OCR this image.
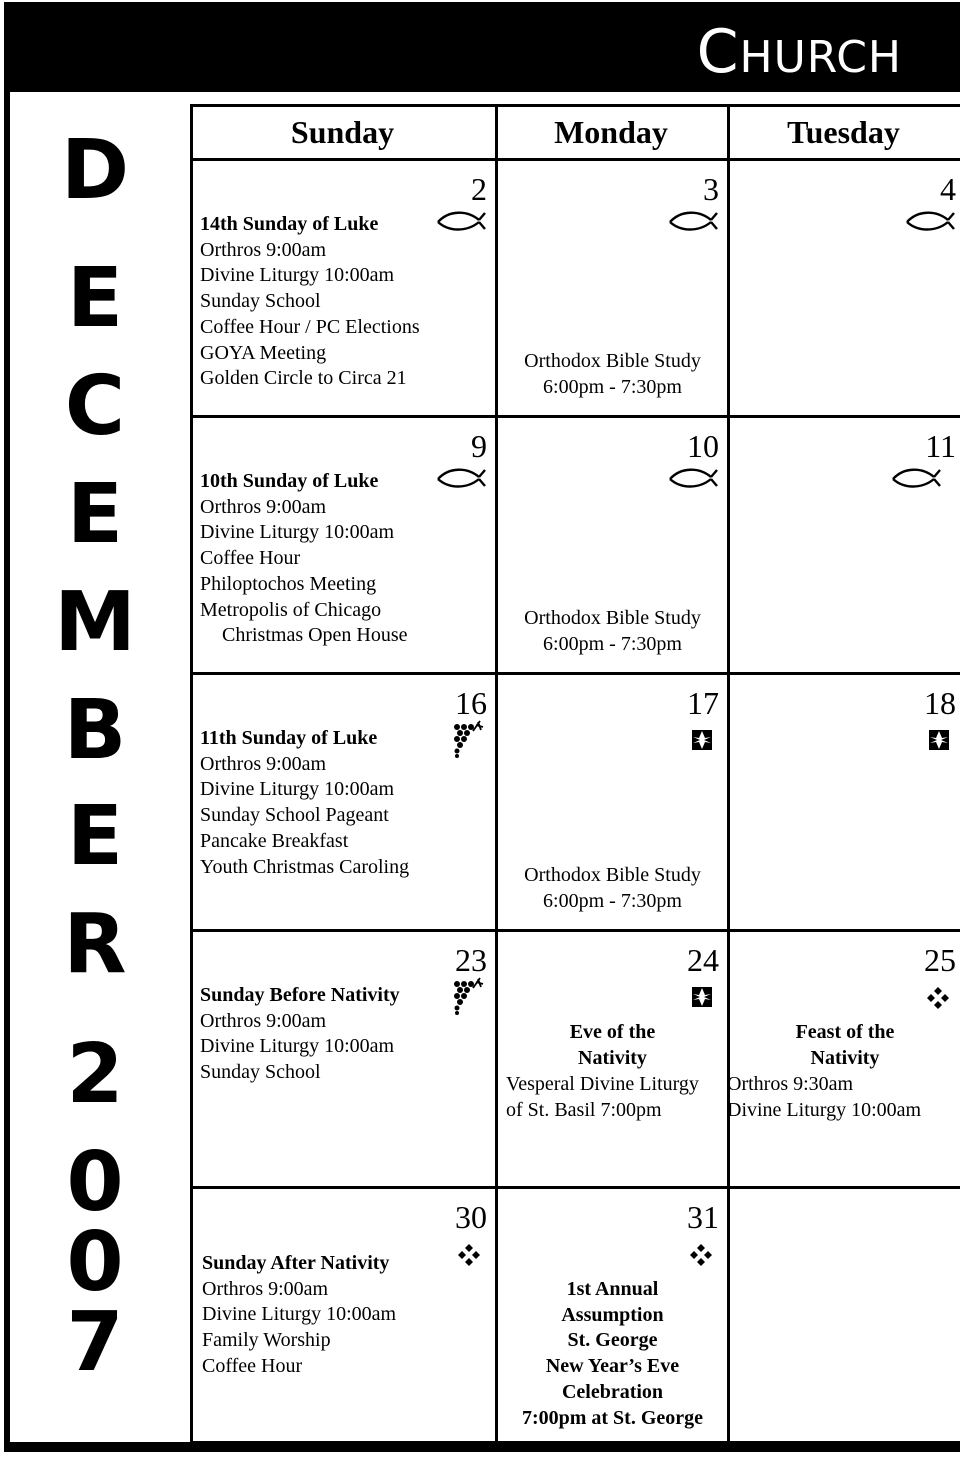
CHURCH
D
E
C
E
M
B
E
R
2
0
0
7
Sunday	Monday	Tuesday
2
14th Sunday of Luke
Orthros 9:00am
Divine Liturgy 10:00am
Sunday School
Coffee Hour / PC Elections
GOYA Meeting
Golden Circle to Circa 21
3
Orthodox Bible Study
6:00pm - 7:30pm
4
9
10th Sunday of Luke
Orthros 9:00am
Divine Liturgy 10:00am
Coffee Hour
Philoptochos Meeting
Metropolis of Chicago
Christmas Open House
10
Orthodox Bible Study
6:00pm - 7:30pm
11
16
11th Sunday of Luke
Orthros 9:00am
Divine Liturgy 10:00am
Sunday School Pageant
Pancake Breakfast
Youth Christmas Caroling
17
Orthodox Bible Study
6:00pm - 7:30pm
18
23
Sunday Before Nativity
Orthros 9:00am
Divine Liturgy 10:00am
Sunday School
24
Eve of the
Nativity
Vesperal Divine Liturgy
of St. Basil 7:00pm
25
Feast of the
Nativity
Orthros 9:30am
Divine Liturgy 10:00am
30
Sunday After Nativity
Orthros 9:00am
Divine Liturgy 10:00am
Family Worship
Coffee Hour
31
1st Annual
Assumption
St. George
New Year’s Eve
Celebration
7:00pm at St. George
